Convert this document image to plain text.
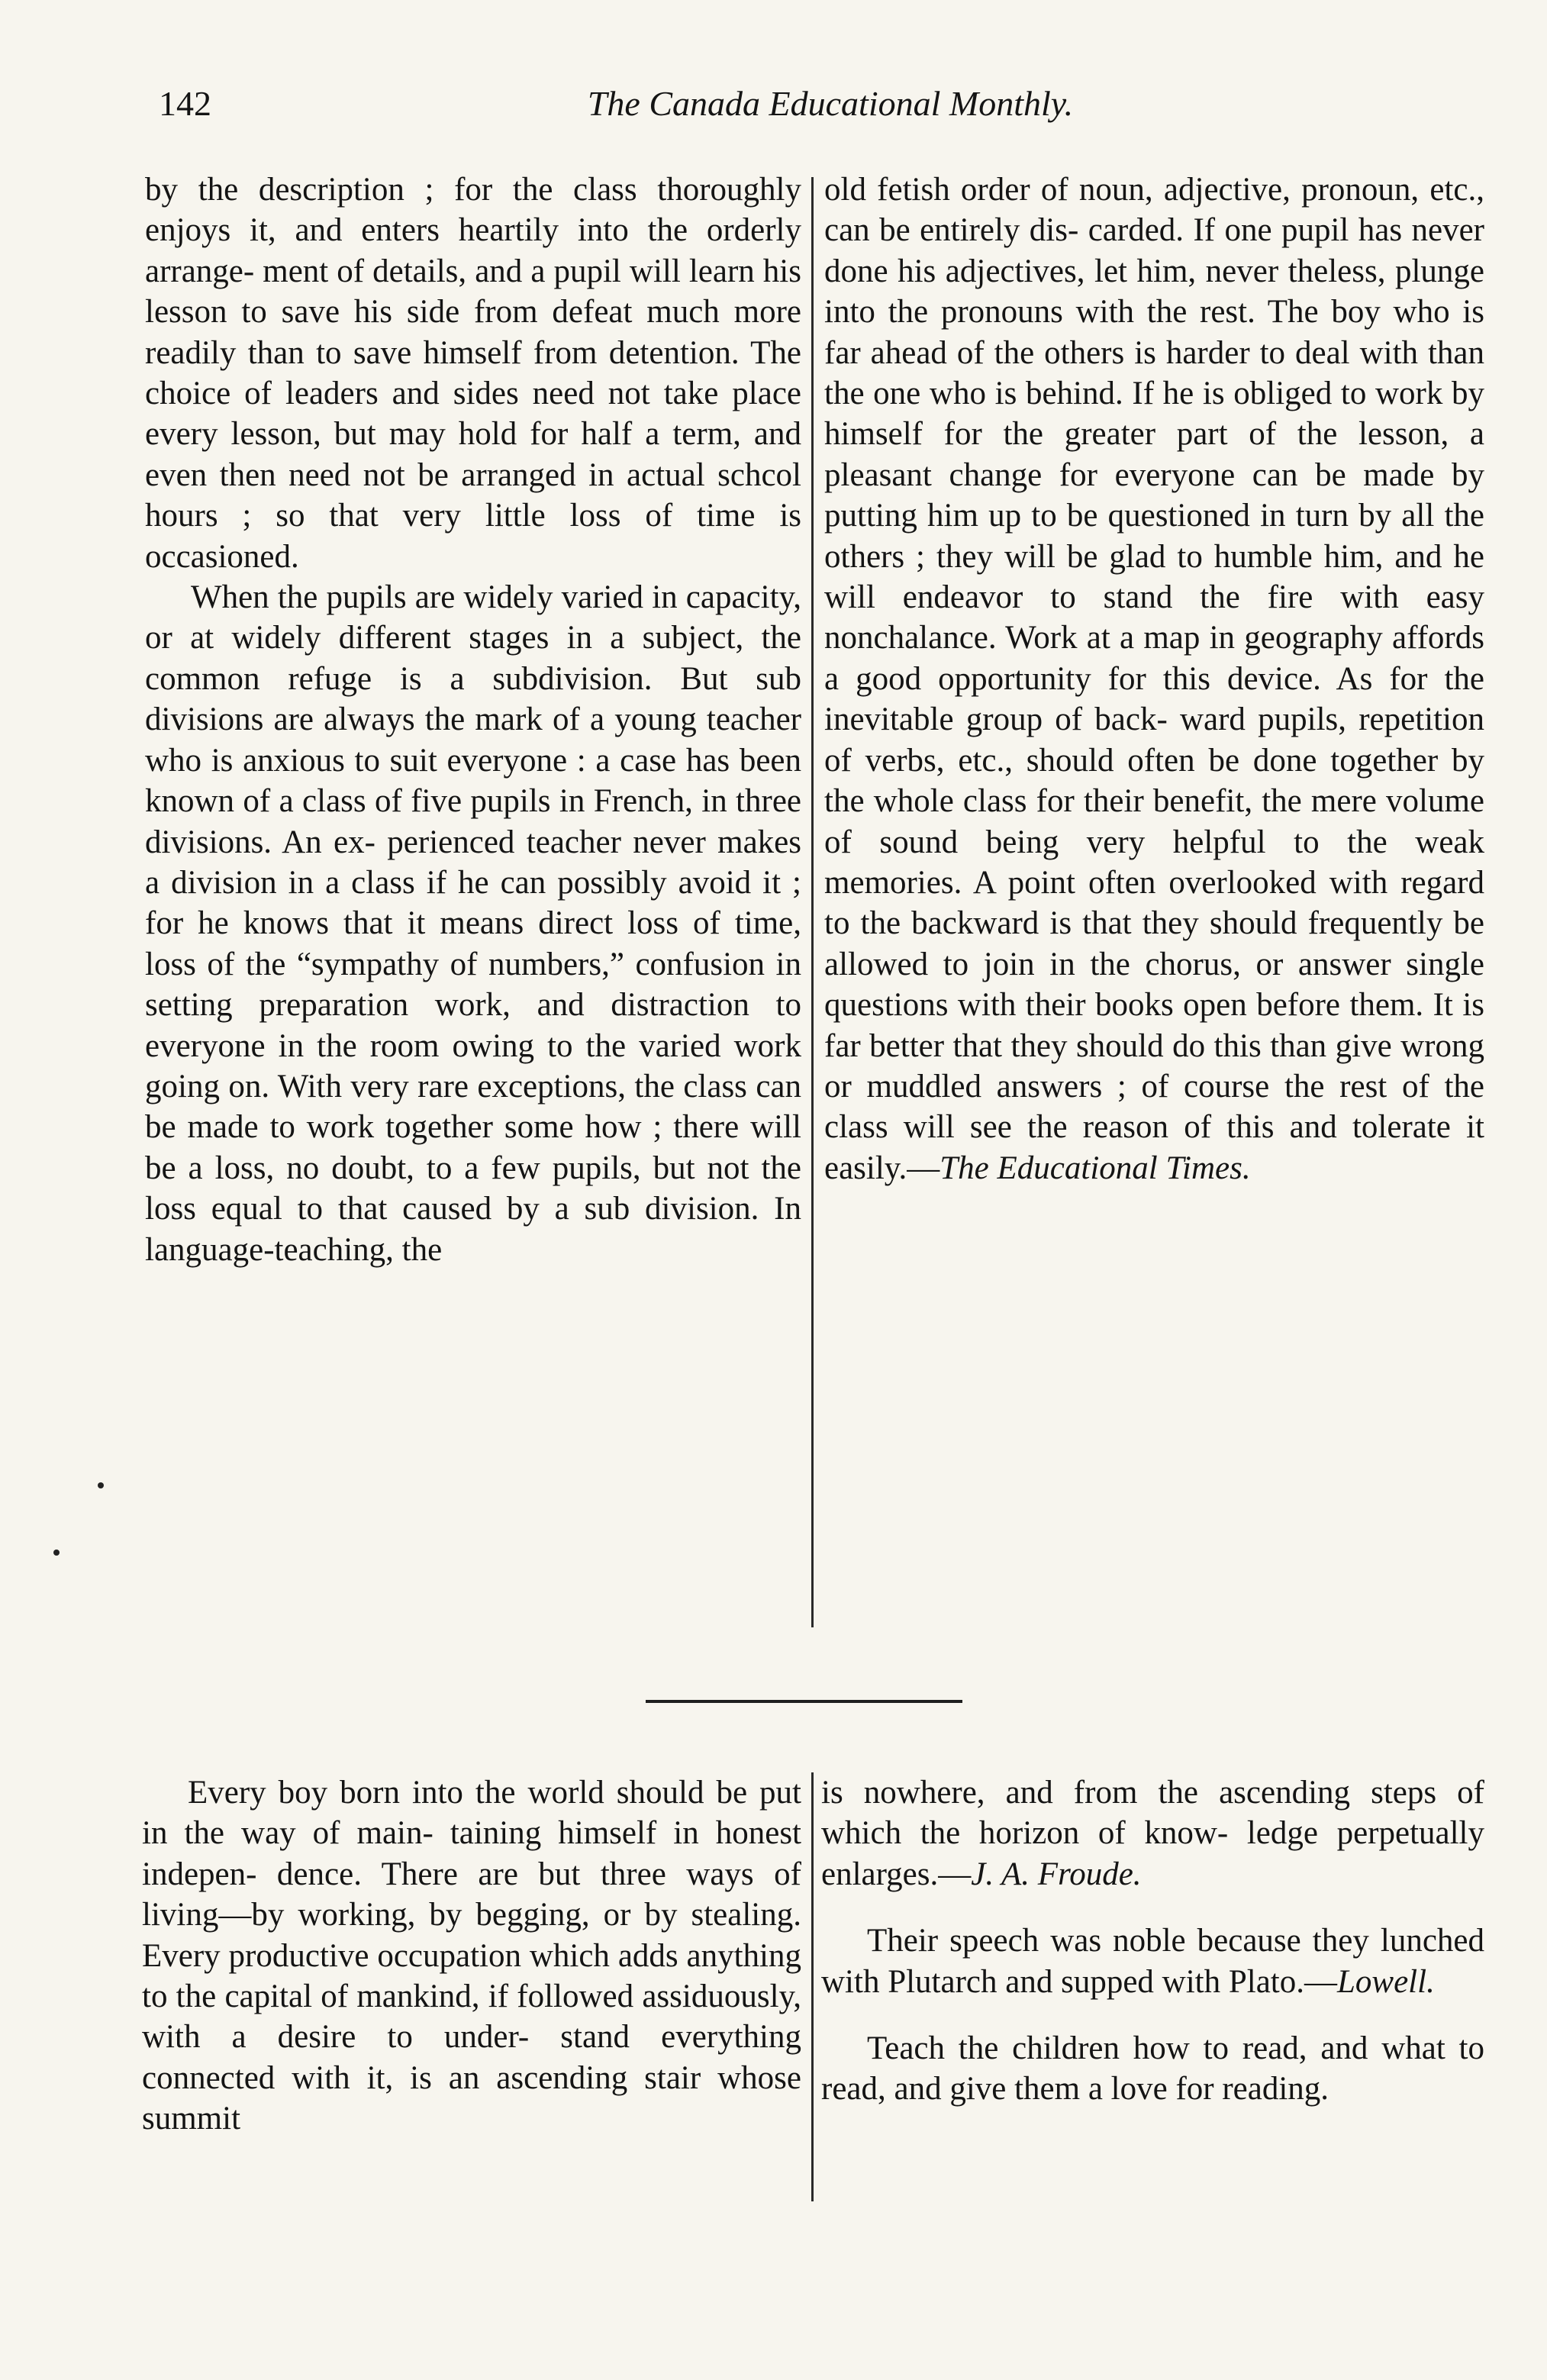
142	The Canada Educational Monthly.

by the description ; for the class thoroughly enjoys it, and enters heartily into the orderly arrange- ment of details, and a pupil will learn his lesson to save his side from defeat much more readily than to save himself from detention. The choice of leaders and sides need not take place every lesson, but may hold for half a term, and even then need not be arranged in actual schcol hours ; so that very little loss of time is occasioned.

When the pupils are widely varied in capacity, or at widely different stages in a subject, the common refuge is a subdivision. But sub divisions are always the mark of a young teacher who is anxious to suit everyone : a case has been known of a class of five pupils in French, in three divisions. An ex- perienced teacher never makes a division in a class if he can possibly avoid it ; for he knows that it means direct loss of time, loss of the “sympathy of numbers,” confusion in setting preparation work, and distraction to everyone in the room owing to the varied work going on. With very rare exceptions, the class can be made to work together some how ; there will be a loss, no doubt, to a few pupils, but not the loss equal to that caused by a sub division. In language-teaching, the

old fetish order of noun, adjective, pronoun, etc., can be entirely dis- carded. If one pupil has never done his adjectives, let him, never theless, plunge into the pronouns with the rest. The boy who is far ahead of the others is harder to deal with than the one who is behind. If he is obliged to work by himself for the greater part of the lesson, a pleasant change for everyone can be made by putting him up to be questioned in turn by all the others ; they will be glad to humble him, and he will endeavor to stand the fire with easy nonchalance. Work at a map in geography affords a good opportunity for this device. As for the inevitable group of back- ward pupils, repetition of verbs, etc., should often be done together by the whole class for their benefit, the mere volume of sound being very helpful to the weak memories. A point often overlooked with regard to the backward is that they should frequently be allowed to join in the chorus, or answer single questions with their books open before them. It is far better that they should do this than give wrong or muddled answers ; of course the rest of the class will see the reason of this and tolerate it easily.—The Educational Times.

Every boy born into the world should be put in the way of main- taining himself in honest indepen- dence. There are but three ways of living—by working, by begging, or by stealing. Every productive occupation which adds anything to the capital of mankind, if followed assiduously, with a desire to under- stand everything connected with it, is an ascending stair whose summit

is nowhere, and from the ascending steps of which the horizon of know- ledge perpetually enlarges.—J. A. Froude.

Their speech was noble because they lunched with Plutarch and supped with Plato.—Lowell.

Teach the children how to read, and what to read, and give them a love for reading.
